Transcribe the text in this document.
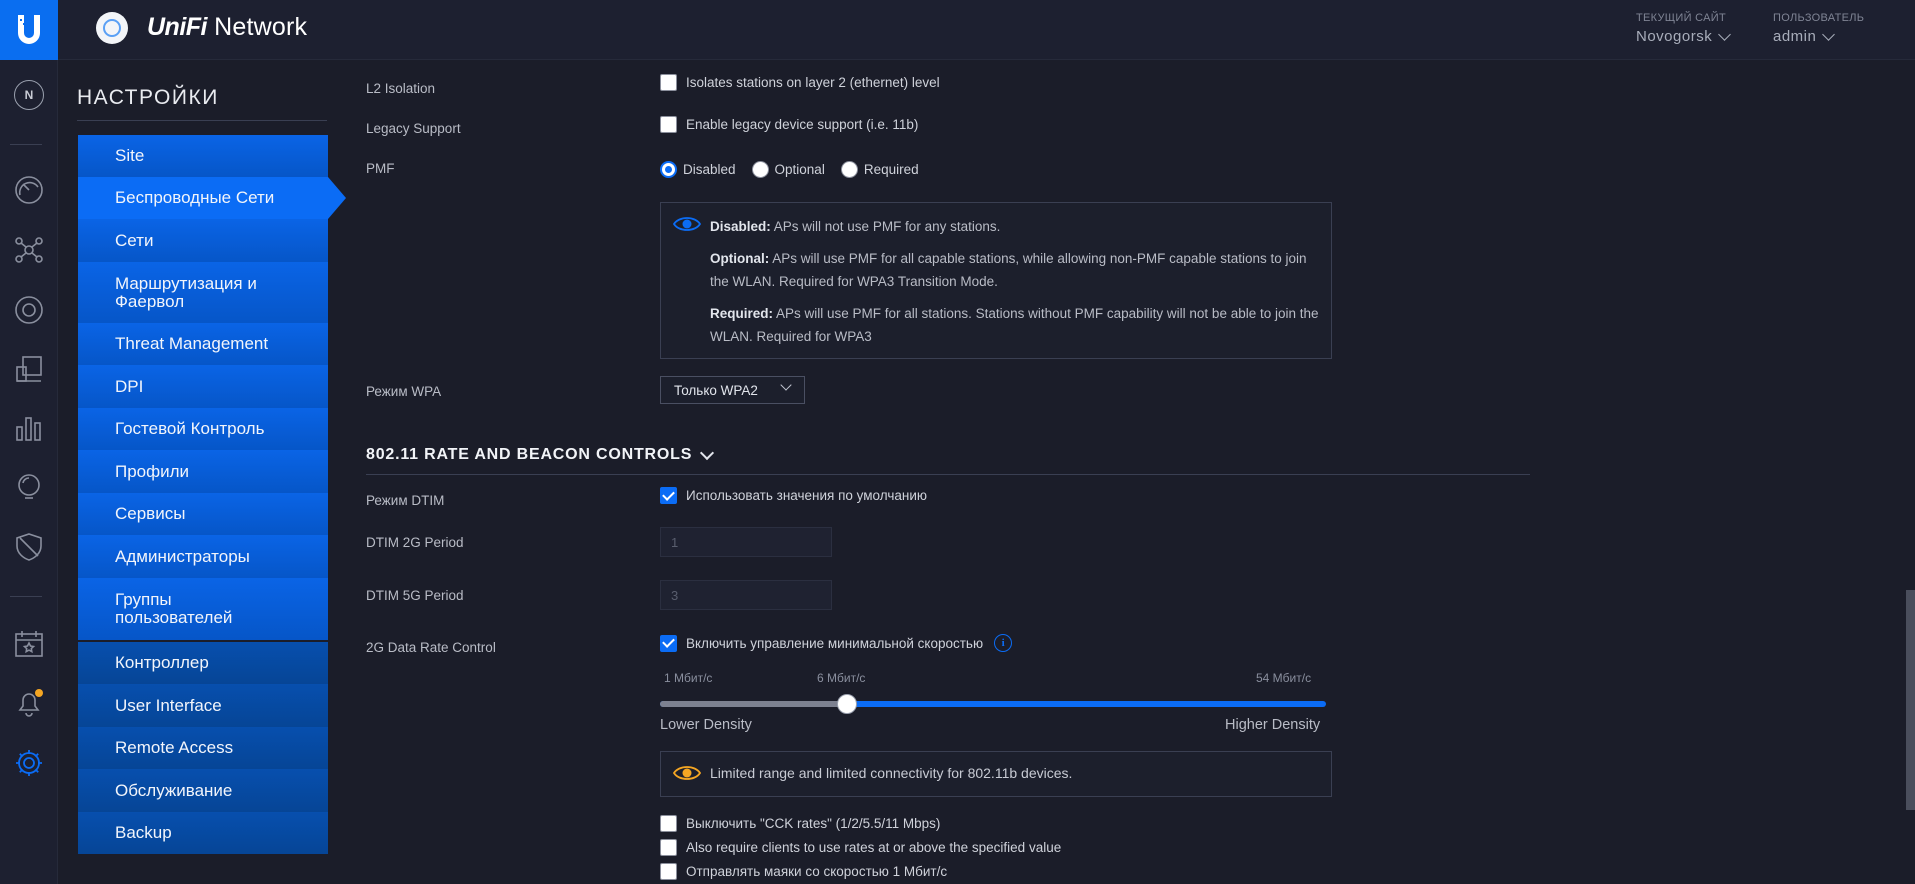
UniFi Network	ТЕКУЩИЙ САЙТ
Novogorsk
ПОЛЬЗОВАТЕЛЬ
admin
N	НАСТРОЙКИ
Site
Беспроводные Сети
Сети
Маршрутизация и Фаервол
Threat Management
DPI
Гостевой Контроль
Профили
Сервисы
Администраторы
Группы пользователей
Контроллер
User Interface
Remote Access
Обслуживание
Backup
L2 Isolation	Isolates stations on layer 2 (ethernet) level
Legacy Support	Enable legacy device support (i.e. 11b)
PMF	Disabled	Optional	Required

Disabled: APs will not use PMF for any stations.

Optional: APs will use PMF for all capable stations, while allowing non-PMF capable stations to join the WLAN. Required for WPA3 Transition Mode.

Required: APs will use PMF for all stations. Stations without PMF capability will not be able to join the WLAN. Required for WPA3

Режим WPA	Только WPA2
802.11 RATE AND BEACON CONTROLS
Режим DTIM	Использовать значения по умолчанию
DTIM 2G Period	1
DTIM 5G Period	3
2G Data Rate Control	Включить управление минимальной скоростью	i
1 Мбит/с	6 Мбит/с	54 Мбит/с
Lower Density	Higher Density
Limited range and limited connectivity for 802.11b devices.
Выключить "CCK rates" (1/2/5.5/11 Mbps)
Also require clients to use rates at or above the specified value
Отправлять маяки со скоростью 1 Мбит/с
